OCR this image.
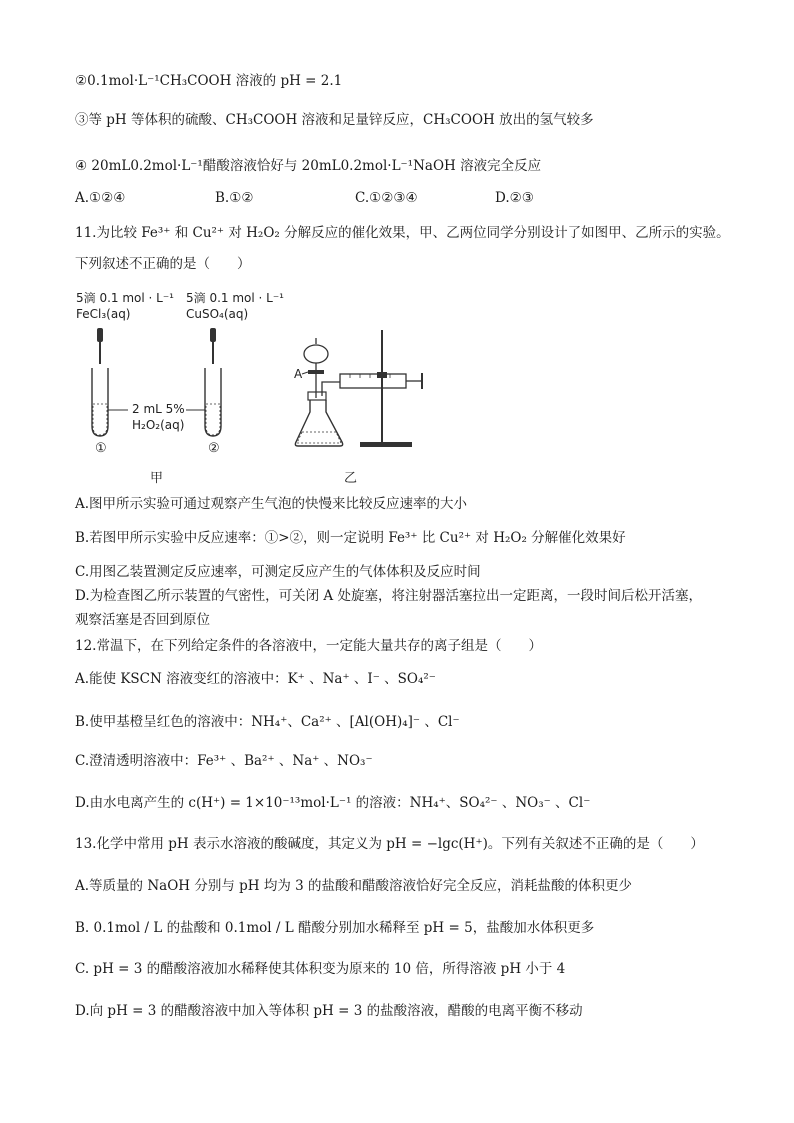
②0.1mol·L⁻¹CH₃COOH 溶液的 pH = 2.1
③等 pH 等体积的硫酸、CH₃COOH 溶液和足量锌反应，CH₃COOH 放出的氢气较多
④ 20mL0.2mol·L⁻¹醋酸溶液恰好与 20mL0.2mol·L⁻¹NaOH 溶液完全反应
A.①②④	B.①②	C.①②③④	D.②③
11.为比较 Fe³⁺ 和 Cu²⁺ 对 H₂O₂ 分解反应的催化效果，甲、乙两位同学分别设计了如图甲、乙所示的实验。
下列叙述不正确的是（　　）
5滴 0.1 mol · L⁻¹
FeCl₃(aq)
5滴 0.1 mol · L⁻¹
CuSO₄(aq)
①	②
2 mL 5%
H₂O₂(aq)
A
甲	乙
A.图甲所示实验可通过观察产生气泡的快慢来比较反应速率的大小
B.若图甲所示实验中反应速率：①>②，则一定说明 Fe³⁺ 比 Cu²⁺ 对 H₂O₂ 分解催化效果好
C.用图乙装置测定反应速率，可测定反应产生的气体体积及反应时间
D.为检查图乙所示装置的气密性，可关闭 A 处旋塞，将注射器活塞拉出一定距离，一段时间后松开活塞，
观察活塞是否回到原位
12.常温下，在下列给定条件的各溶液中，一定能大量共存的离子组是（　　）
A.能使 KSCN 溶液变红的溶液中：K⁺ 、Na⁺ 、I⁻ 、SO₄²⁻
B.使甲基橙呈红色的溶液中：NH₄⁺、Ca²⁺ 、[Al(OH)₄]⁻ 、Cl⁻
C.澄清透明溶液中：Fe³⁺ 、Ba²⁺ 、Na⁺ 、NO₃⁻
D.由水电离产生的 c(H⁺) = 1×10⁻¹³mol·L⁻¹ 的溶液：NH₄⁺、SO₄²⁻ 、NO₃⁻ 、Cl⁻
13.化学中常用 pH 表示水溶液的酸碱度，其定义为 pH = −lgc(H⁺)。下列有关叙述不正确的是（　　）
A.等质量的 NaOH 分别与 pH 均为 3 的盐酸和醋酸溶液恰好完全反应，消耗盐酸的体积更少
B. 0.1mol / L 的盐酸和 0.1mol / L 醋酸分别加水稀释至 pH = 5，盐酸加水体积更多
C. pH = 3 的醋酸溶液加水稀释使其体积变为原来的 10 倍，所得溶液 pH 小于 4
D.向 pH = 3 的醋酸溶液中加入等体积 pH = 3 的盐酸溶液，醋酸的电离平衡不移动
